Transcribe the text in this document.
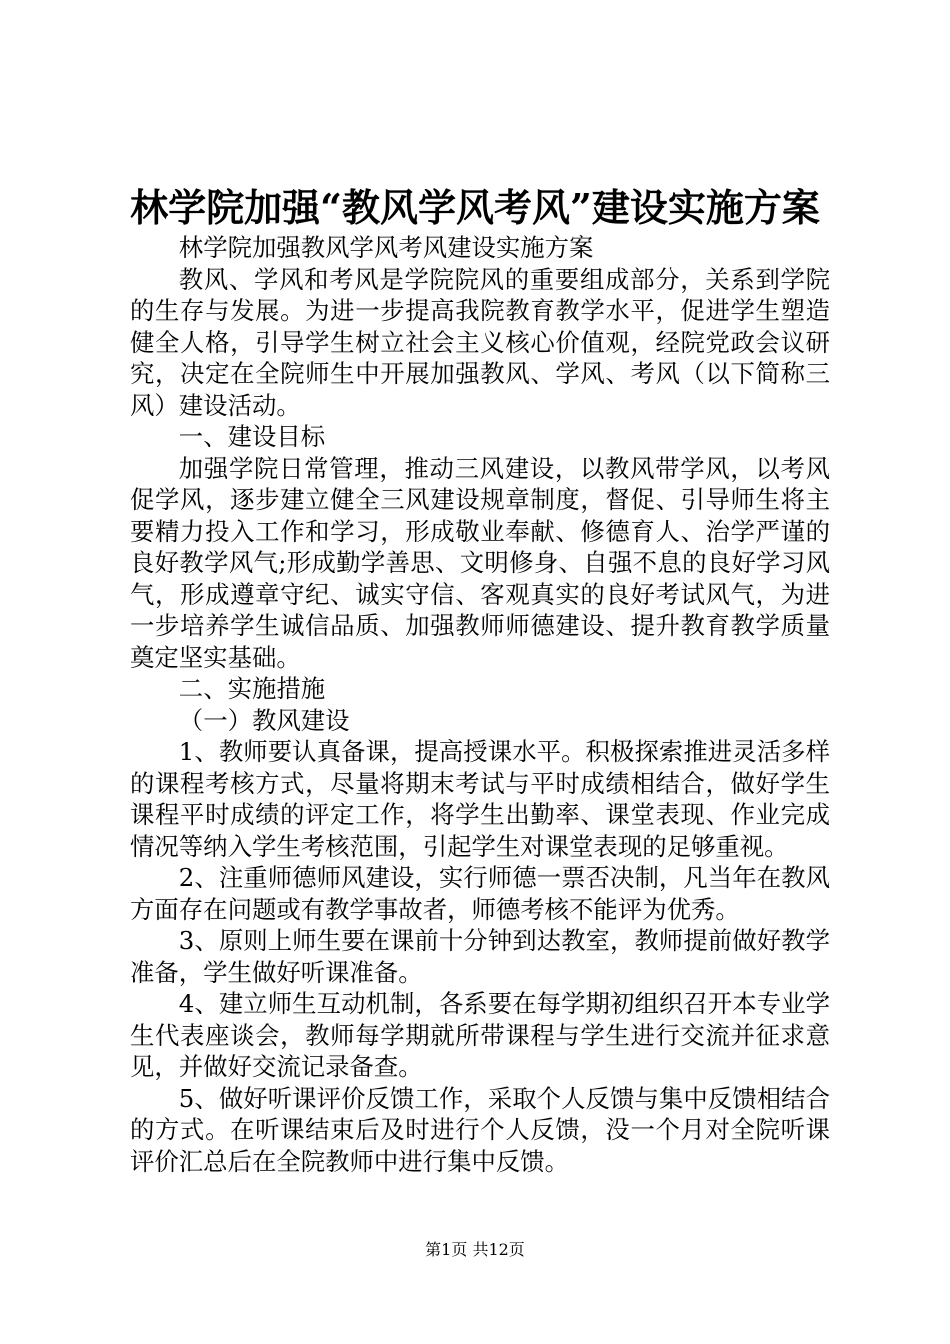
林学院加强“教风学风考风”建设实施方案

林学院加强教风学风考风建设实施方案

教风、学风和考风是学院院风的重要组成部分，关系到学院的生存与发展。为进一步提高我院教育教学水平，促进学生塑造健全人格，引导学生树立社会主义核心价值观，经院党政会议研究，决定在全院师生中开展加强教风、学风、考风（以下简称三风）建设活动。

一、建设目标

加强学院日常管理，推动三风建设，以教风带学风，以考风促学风，逐步建立健全三风建设规章制度，督促、引导师生将主要精力投入工作和学习，形成敬业奉献、修德育人、治学严谨的良好教学风气;形成勤学善思、文明修身、自强不息的良好学习风气，形成遵章守纪、诚实守信、客观真实的良好考试风气，为进一步培养学生诚信品质、加强教师师德建设、提升教育教学质量奠定坚实基础。

二、实施措施

（一）教风建设

1、教师要认真备课，提高授课水平。积极探索推进灵活多样的课程考核方式，尽量将期末考试与平时成绩相结合，做好学生课程平时成绩的评定工作，将学生出勤率、课堂表现、作业完成情况等纳入学生考核范围，引起学生对课堂表现的足够重视。

2、注重师德师风建设，实行师德一票否决制，凡当年在教风方面存在问题或有教学事故者，师德考核不能评为优秀。

3、原则上师生要在课前十分钟到达教室，教师提前做好教学准备，学生做好听课准备。

4、建立师生互动机制，各系要在每学期初组织召开本专业学生代表座谈会，教师每学期就所带课程与学生进行交流并征求意见，并做好交流记录备查。

5、做好听课评价反馈工作，采取个人反馈与集中反馈相结合的方式。在听课结束后及时进行个人反馈，没一个月对全院听课评价汇总后在全院教师中进行集中反馈。

第1页 共12页
